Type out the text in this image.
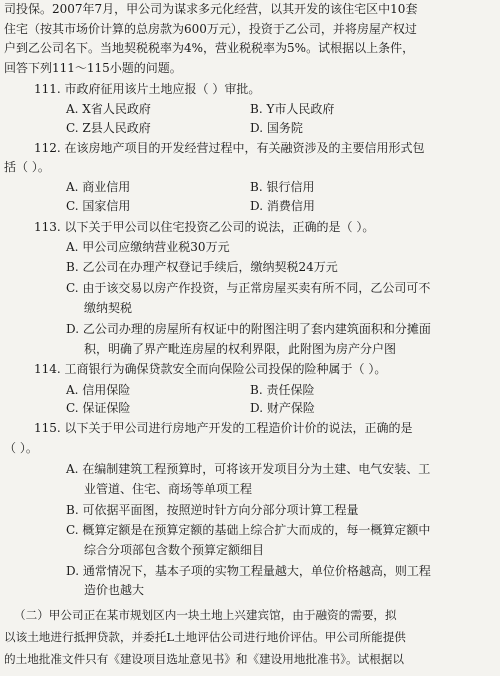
司投保。2007年7月，甲公司为谋求多元化经营，以其开发的该住宅区中10套
住宅（按其市场价计算的总房款为600万元），投资于乙公司，并将房屋产权过
户到乙公司名下。当地契税税率为4%，营业税税率为5%。试根据以上条件，
回答下列111～115小题的问题。
111. 市政府征用该片土地应报（ ）审批。
A. X省人民政府	B. Y市人民政府
C. Z县人民政府	D. 国务院
112. 在该房地产项目的开发经营过程中，有关融资涉及的主要信用形式包
括（ ）。
A. 商业信用	B. 银行信用
C. 国家信用	D. 消费信用
113. 以下关于甲公司以住宅投资乙公司的说法，正确的是（ ）。
A. 甲公司应缴纳营业税30万元
B. 乙公司在办理产权登记手续后，缴纳契税24万元
C. 由于该交易以房产作投资，与正常房屋买卖有所不同，乙公司可不
缴纳契税
D. 乙公司办理的房屋所有权证中的附图注明了套内建筑面积和分摊面
积，明确了界产毗连房屋的权利界限，此附图为房产分户图
114. 工商银行为确保贷款安全而向保险公司投保的险种属于（ ）。
A. 信用保险	B. 责任保险
C. 保证保险	D. 财产保险
115. 以下关于甲公司进行房地产开发的工程造价计价的说法，正确的是
（ ）。
A. 在编制建筑工程预算时，可将该开发项目分为土建、电气安装、工
业管道、住宅、商场等单项工程
B. 可依据平面图，按照逆时针方向分部分项计算工程量
C. 概算定额是在预算定额的基础上综合扩大而成的，每一概算定额中
综合分项部包含数个预算定额细目
D. 通常情况下，基本子项的实物工程量越大，单位价格越高，则工程
造价也越大
（二）甲公司正在某市规划区内一块土地上兴建宾馆，由于融资的需要，拟
以该土地进行抵押贷款，并委托L土地评估公司进行地价评估。甲公司所能提供
的土地批准文件只有《建设项目选址意见书》和《建设用地批准书》。试根据以
